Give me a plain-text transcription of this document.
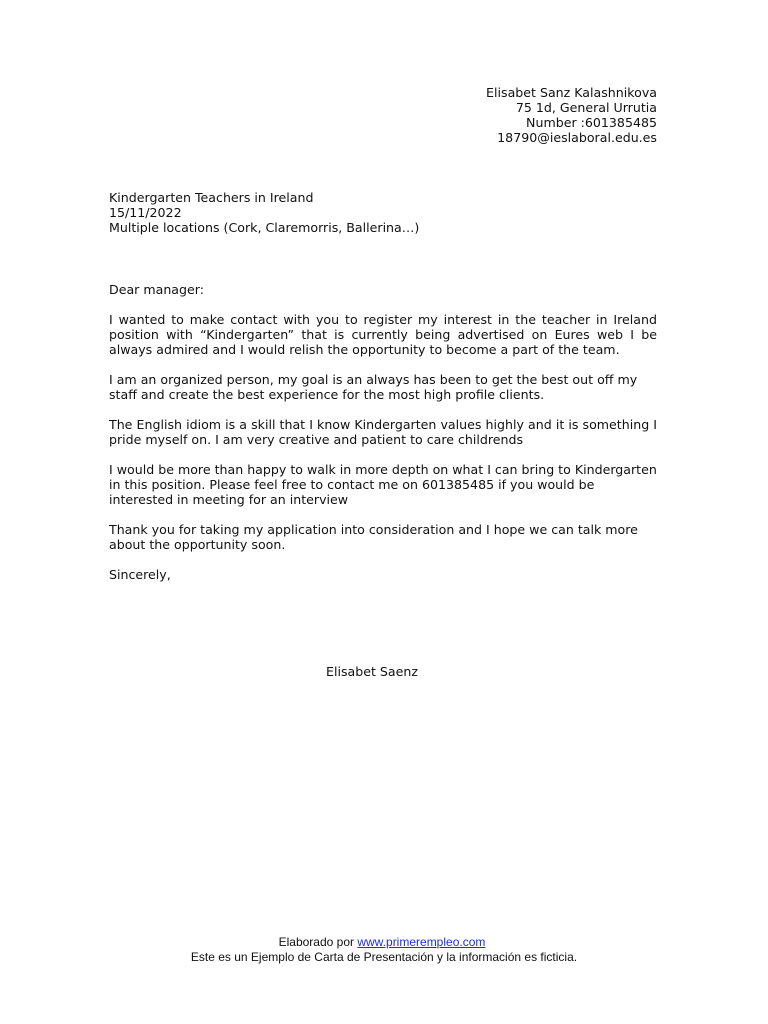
Elisabet Sanz Kalashnikova
75 1d, General Urrutia
Number :601385485
18790@ieslaboral.edu.es
Kindergarten Teachers in Ireland
15/11/2022
Multiple locations (Cork, Claremorris, Ballerina…)

Dear manager:

I wanted to make contact with you to register my interest in the teacher in Ireland position with “Kindergarten” that is currently being advertised on Eures web I be always admired and I would relish the opportunity to become a part of the team.

I am an organized person, my goal is an always has been to get the best out off my staff and create the best experience for the most high profile clients.

The English idiom is a skill that I know Kindergarten values highly and it is something I pride myself on. I am very creative and patient to care childrends

I would be more than happy to walk in more depth on what I can bring to Kindergarten in this position. Please feel free to contact me on 601385485 if you would be interested in meeting for an interview

Thank you for taking my application into consideration and I hope we can talk more about the opportunity soon.

Sincerely,

Elisabet Saenz
Elaborado por www.primerempleo.com
Este es un Ejemplo de Carta de Presentación y la información es ficticia.
